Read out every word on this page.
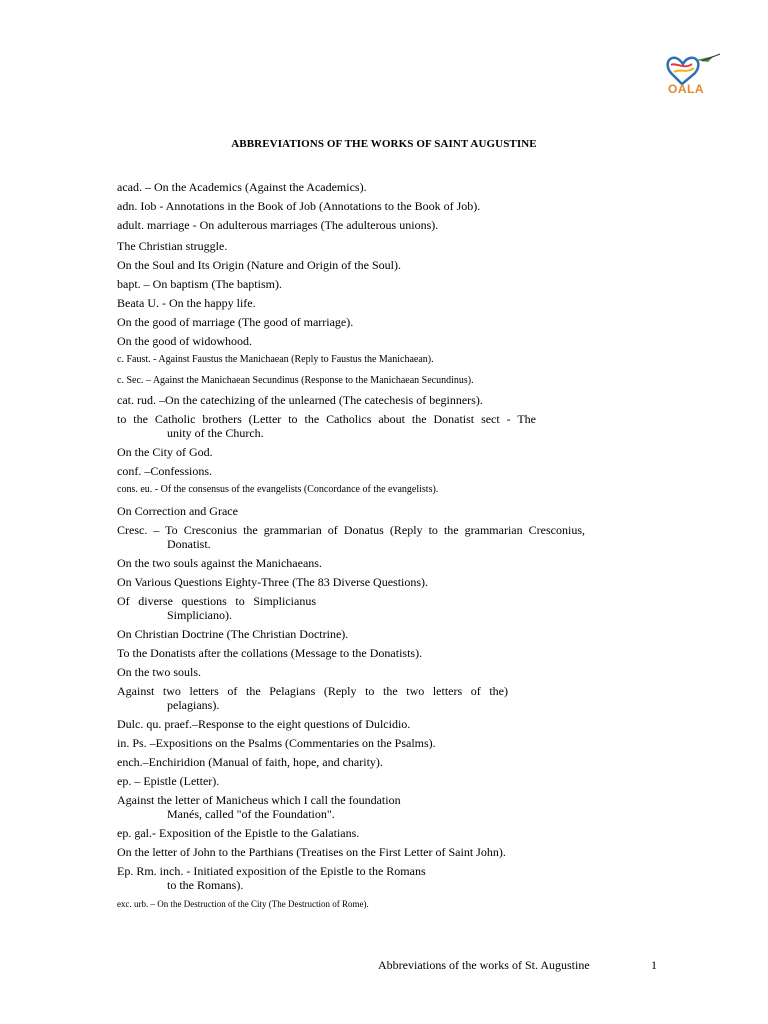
OALA
ABBREVIATIONS OF THE WORKS OF SAINT AUGUSTINE
acad. – On the Academics (Against the Academics).
adn. Iob - Annotations in the Book of Job (Annotations to the Book of Job).
adult. marriage - On adulterous marriages (The adulterous unions).
The Christian struggle.
On the Soul and Its Origin (Nature and Origin of the Soul).
bapt. – On baptism (The baptism).
Beata U. - On the happy life.
On the good of marriage (The good of marriage).
On the good of widowhood.
c. Faust. - Against Faustus the Manichaean (Reply to Faustus the Manichaean).
c. Sec. – Against the Manichaean Secundinus (Response to the Manichaean Secundinus).
cat. rud. –On the catechizing of the unlearned (The catechesis of beginners).
to the Catholic brothers (Letter to the Catholics about the Donatist sect - The
unity of the Church.
On the City of God.
conf. –Confessions.
cons. eu. - Of the consensus of the evangelists (Concordance of the evangelists).
On Correction and Grace
Cresc. – To Cresconius the grammarian of Donatus (Reply to the grammarian Cresconius,
Donatist.
On the two souls against the Manichaeans.
On Various Questions Eighty-Three (The 83 Diverse Questions).
Of diverse questions to Simplicianus
Simpliciano).
On Christian Doctrine (The Christian Doctrine).
To the Donatists after the collations (Message to the Donatists).
On the two souls.
Against two letters of the Pelagians (Reply to the two letters of the)
pelagians).
Dulc. qu. praef.–Response to the eight questions of Dulcidio.
in. Ps. –Expositions on the Psalms (Commentaries on the Psalms).
ench.–Enchiridion (Manual of faith, hope, and charity).
ep. – Epistle (Letter).
Against the letter of Manicheus which I call the foundation
Manés, called "of the Foundation".
ep. gal.- Exposition of the Epistle to the Galatians.
On the letter of John to the Parthians (Treatises on the First Letter of Saint John).
Ep. Rm. inch. - Initiated exposition of the Epistle to the Romans
to the Romans).
exc. urb. – On the Destruction of the City (The Destruction of Rome).
Abbreviations of the works of St. Augustine	1
